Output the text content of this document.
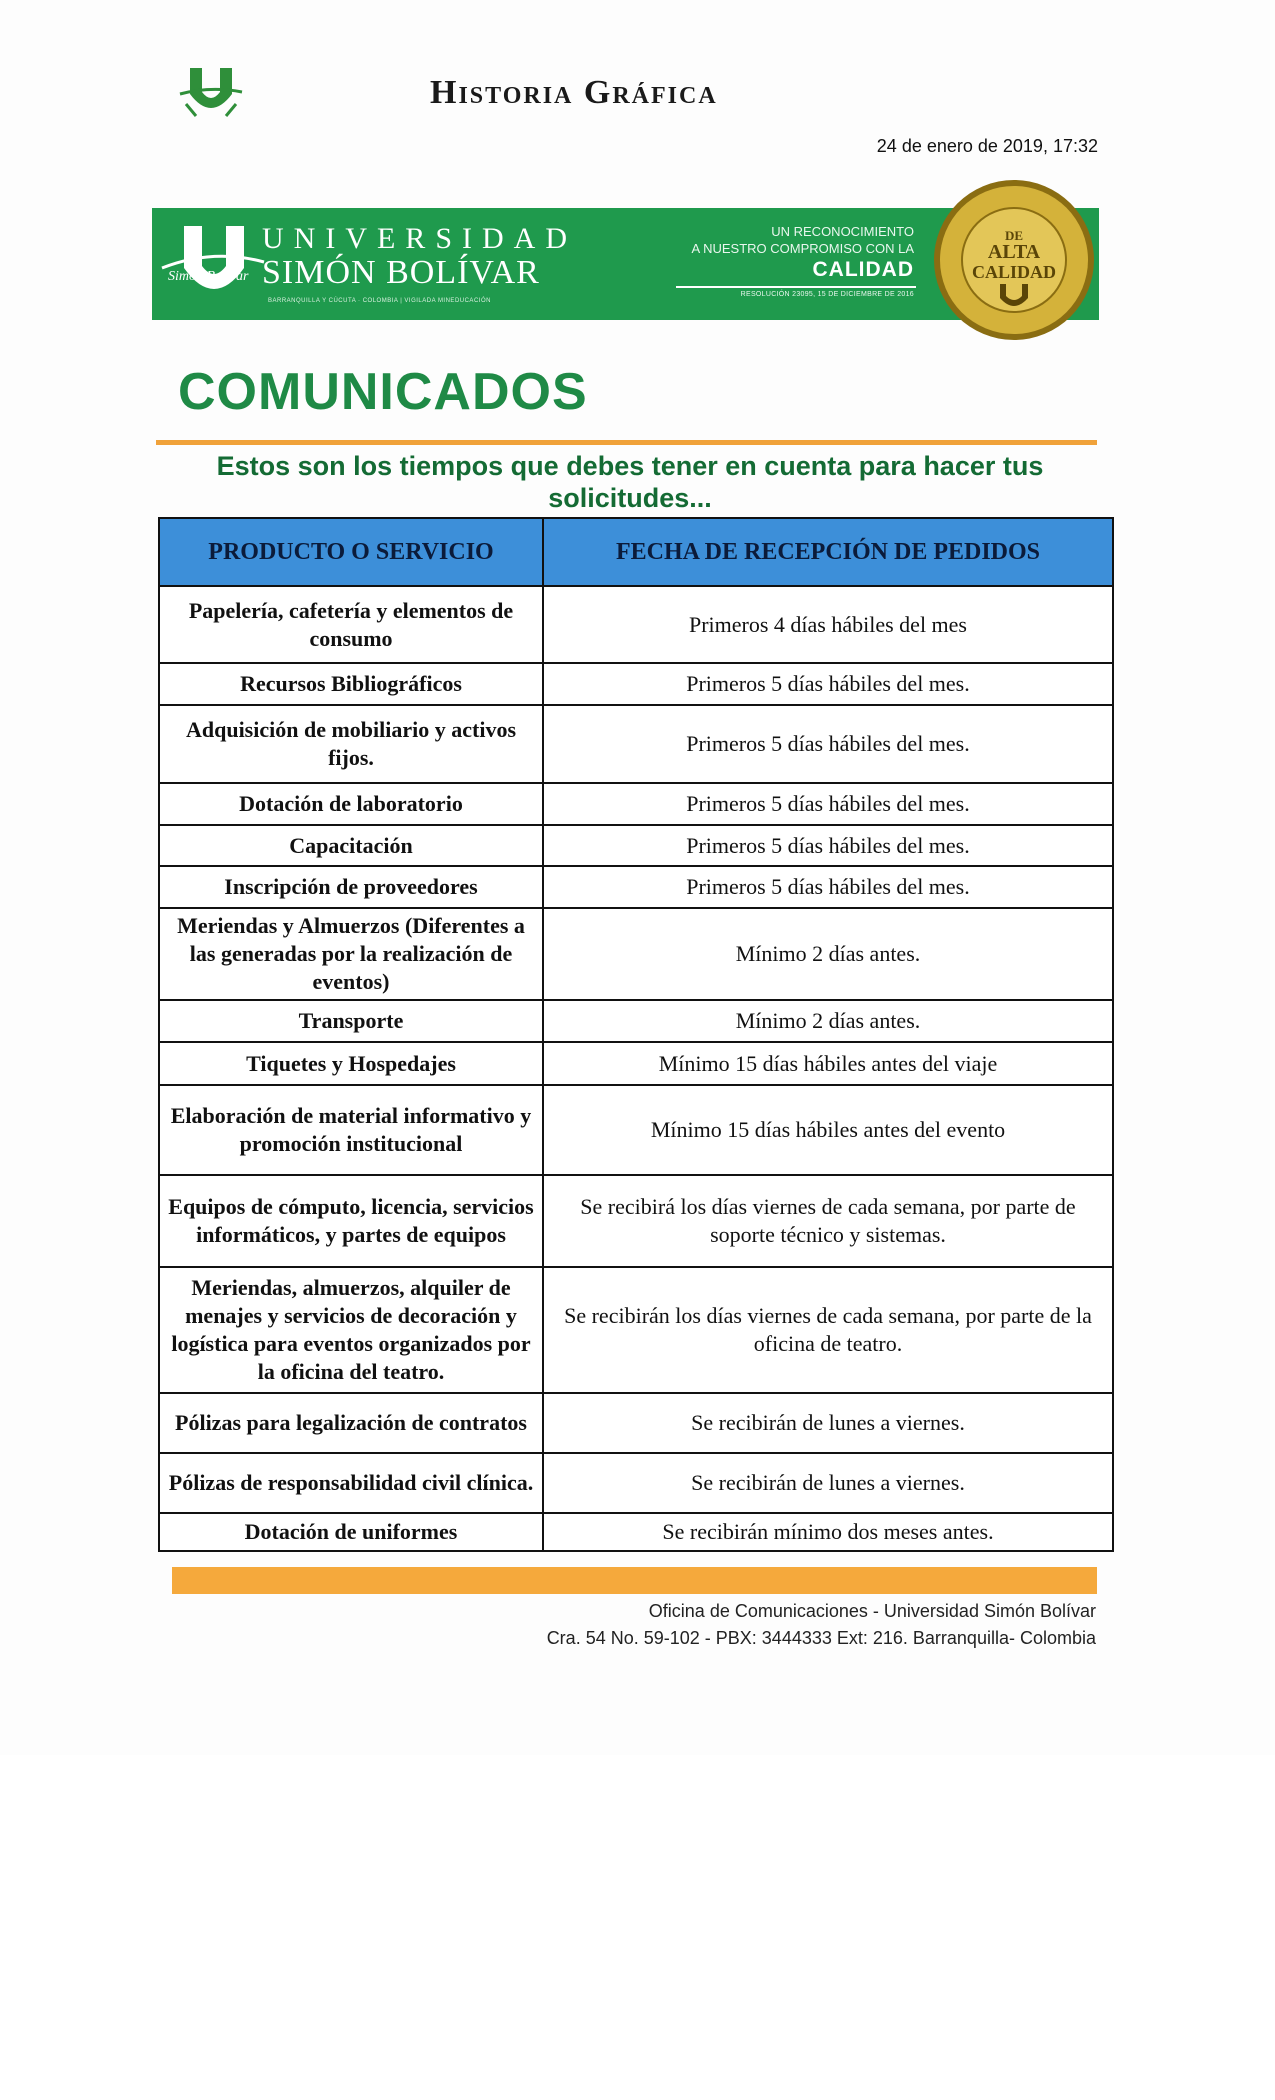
Historia Gráfica
24 de enero de 2019, 17:32
Simón Bolívar
UNIVERSIDAD
SIMÓN BOLÍVAR
BARRANQUILLA Y CÚCUTA · COLOMBIA | VIGILADA MINEDUCACIÓN
UN RECONOCIMIENTO
A NUESTRO COMPROMISO CON LA
CALIDAD
RESOLUCIÓN 23095, 15 DE DICIEMBRE DE 2016
DE
ALTA
CALIDAD
COMUNICADOS
Estos son los tiempos que debes tener en cuenta para hacer tus solicitudes...
PRODUCTO O SERVICIO	FECHA DE RECEPCIÓN DE PEDIDOS
Papelería, cafetería y elementos de consumo	Primeros 4 días hábiles del mes
Recursos Bibliográficos	Primeros 5 días hábiles del mes.
Adquisición de mobiliario y activos fijos.	Primeros 5 días hábiles del mes.
Dotación de laboratorio	Primeros 5 días hábiles del mes.
Capacitación	Primeros 5 días hábiles del mes.
Inscripción de proveedores	Primeros 5 días hábiles del mes.
Meriendas y Almuerzos (Diferentes a las generadas por la realización de eventos)	Mínimo 2 días antes.
Transporte	Mínimo 2 días antes.
Tiquetes y Hospedajes	Mínimo 15 días hábiles antes del viaje
Elaboración de material informativo y promoción institucional	Mínimo 15 días hábiles antes del evento
Equipos de cómputo, licencia, servicios informáticos, y partes de equipos	Se recibirá los días viernes de cada semana, por parte de soporte técnico y sistemas.
Meriendas, almuerzos, alquiler de menajes y servicios de decoración y logística para eventos organizados por la oficina del teatro.	Se recibirán los días viernes de cada semana, por parte de la oficina de teatro.
Pólizas para legalización de contratos	Se recibirán de lunes a viernes.
Pólizas de responsabilidad civil clínica.	Se recibirán de lunes a viernes.
Dotación de uniformes	Se recibirán mínimo dos meses antes.
Oficina de Comunicaciones - Universidad Simón Bolívar
Cra. 54 No. 59-102 - PBX: 3444333 Ext: 216. Barranquilla- Colombia
